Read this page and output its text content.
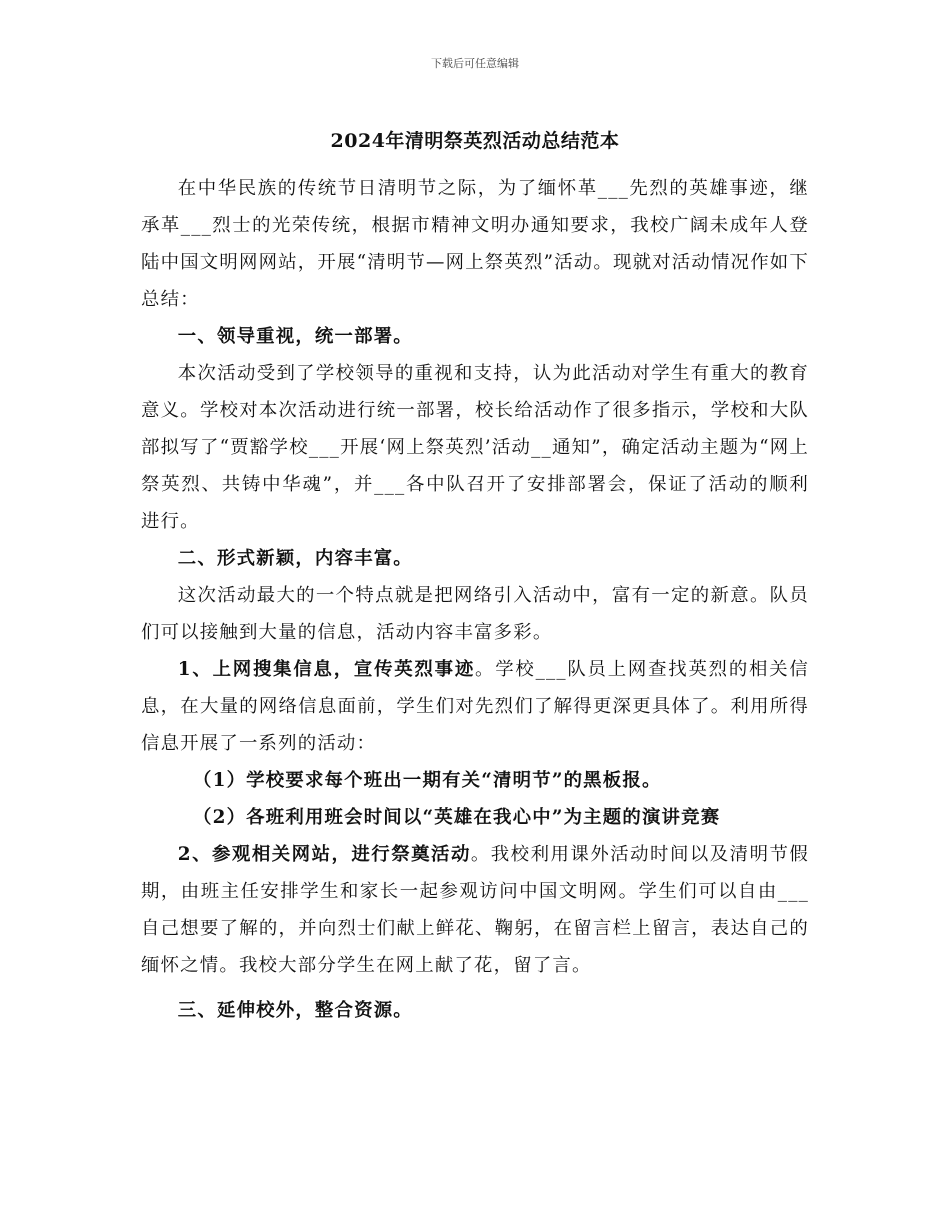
下载后可任意编辑
2024年清明祭英烈活动总结范本

在中华民族的传统节日清明节之际，为了缅怀革___先烈的英雄事迹，继承革___烈士的光荣传统，根据市精神文明办通知要求，我校广阔未成年人登陆中国文明网网站，开展“清明节—网上祭英烈”活动。现就对活动情况作如下总结：

一、领导重视，统一部署。

本次活动受到了学校领导的重视和支持，认为此活动对学生有重大的教育意义。学校对本次活动进行统一部署，校长给活动作了很多指示，学校和大队部拟写了“贾豁学校___开展‘网上祭英烈’活动__通知”，确定活动主题为“网上祭英烈、共铸中华魂”，并___各中队召开了安排部署会，保证了活动的顺利进行。

二、形式新颖，内容丰富。

这次活动最大的一个特点就是把网络引入活动中，富有一定的新意。队员们可以接触到大量的信息，活动内容丰富多彩。

1、上网搜集信息，宣传英烈事迹。学校___队员上网查找英烈的相关信息，在大量的网络信息面前，学生们对先烈们了解得更深更具体了。利用所得信息开展了一系列的活动：

（1）学校要求每个班出一期有关“清明节”的黑板报。

（2）各班利用班会时间以“英雄在我心中”为主题的演讲竞赛

2、参观相关网站，进行祭奠活动。我校利用课外活动时间以及清明节假期，由班主任安排学生和家长一起参观访问中国文明网。学生们可以自由___自己想要了解的，并向烈士们献上鲜花、鞠躬，在留言栏上留言，表达自己的缅怀之情。我校大部分学生在网上献了花，留了言。

三、延伸校外，整合资源。
